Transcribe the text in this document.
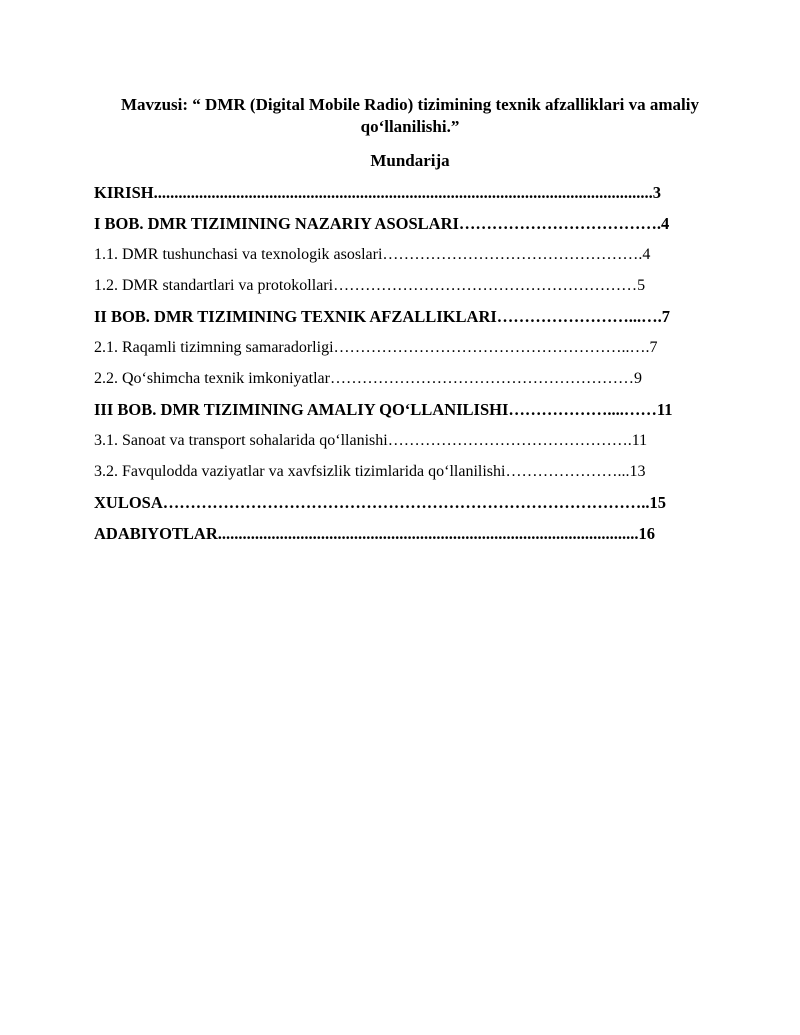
Mavzusi: “ DMR (Digital Mobile Radio) tizimining texnik afzalliklari va amaliy qo‘llanilishi.”
Mundarija
KIRISH.........................................................................................................................3
I BOB. DMR TIZIMINING NAZARIY ASOSLARI……………………………….4
1.1. DMR tushunchasi va texnologik asoslari………………………………………….4
1.2. DMR standartlari va protokollari…………………………………………………5
II BOB. DMR TIZIMINING TEXNIK AFZALLIKLARI……………………...….7
2.1. Raqamli tizimning samaradorligi………………………………………………..….7
2.2. Qo‘shimcha texnik imkoniyatlar…………………………………………………9
III BOB. DMR TIZIMINING AMALIY QO‘LLANILISHI………………....……11
3.1. Sanoat va transport sohalarida qo‘llanishi……………………………………….11
3.2. Favqulodda vaziyatlar va xavfsizlik tizimlarida qo‘llanilishi…………………...13
XULOSA……………………………………………………………………………..15
ADABIYOTLAR......................................................................................................16
